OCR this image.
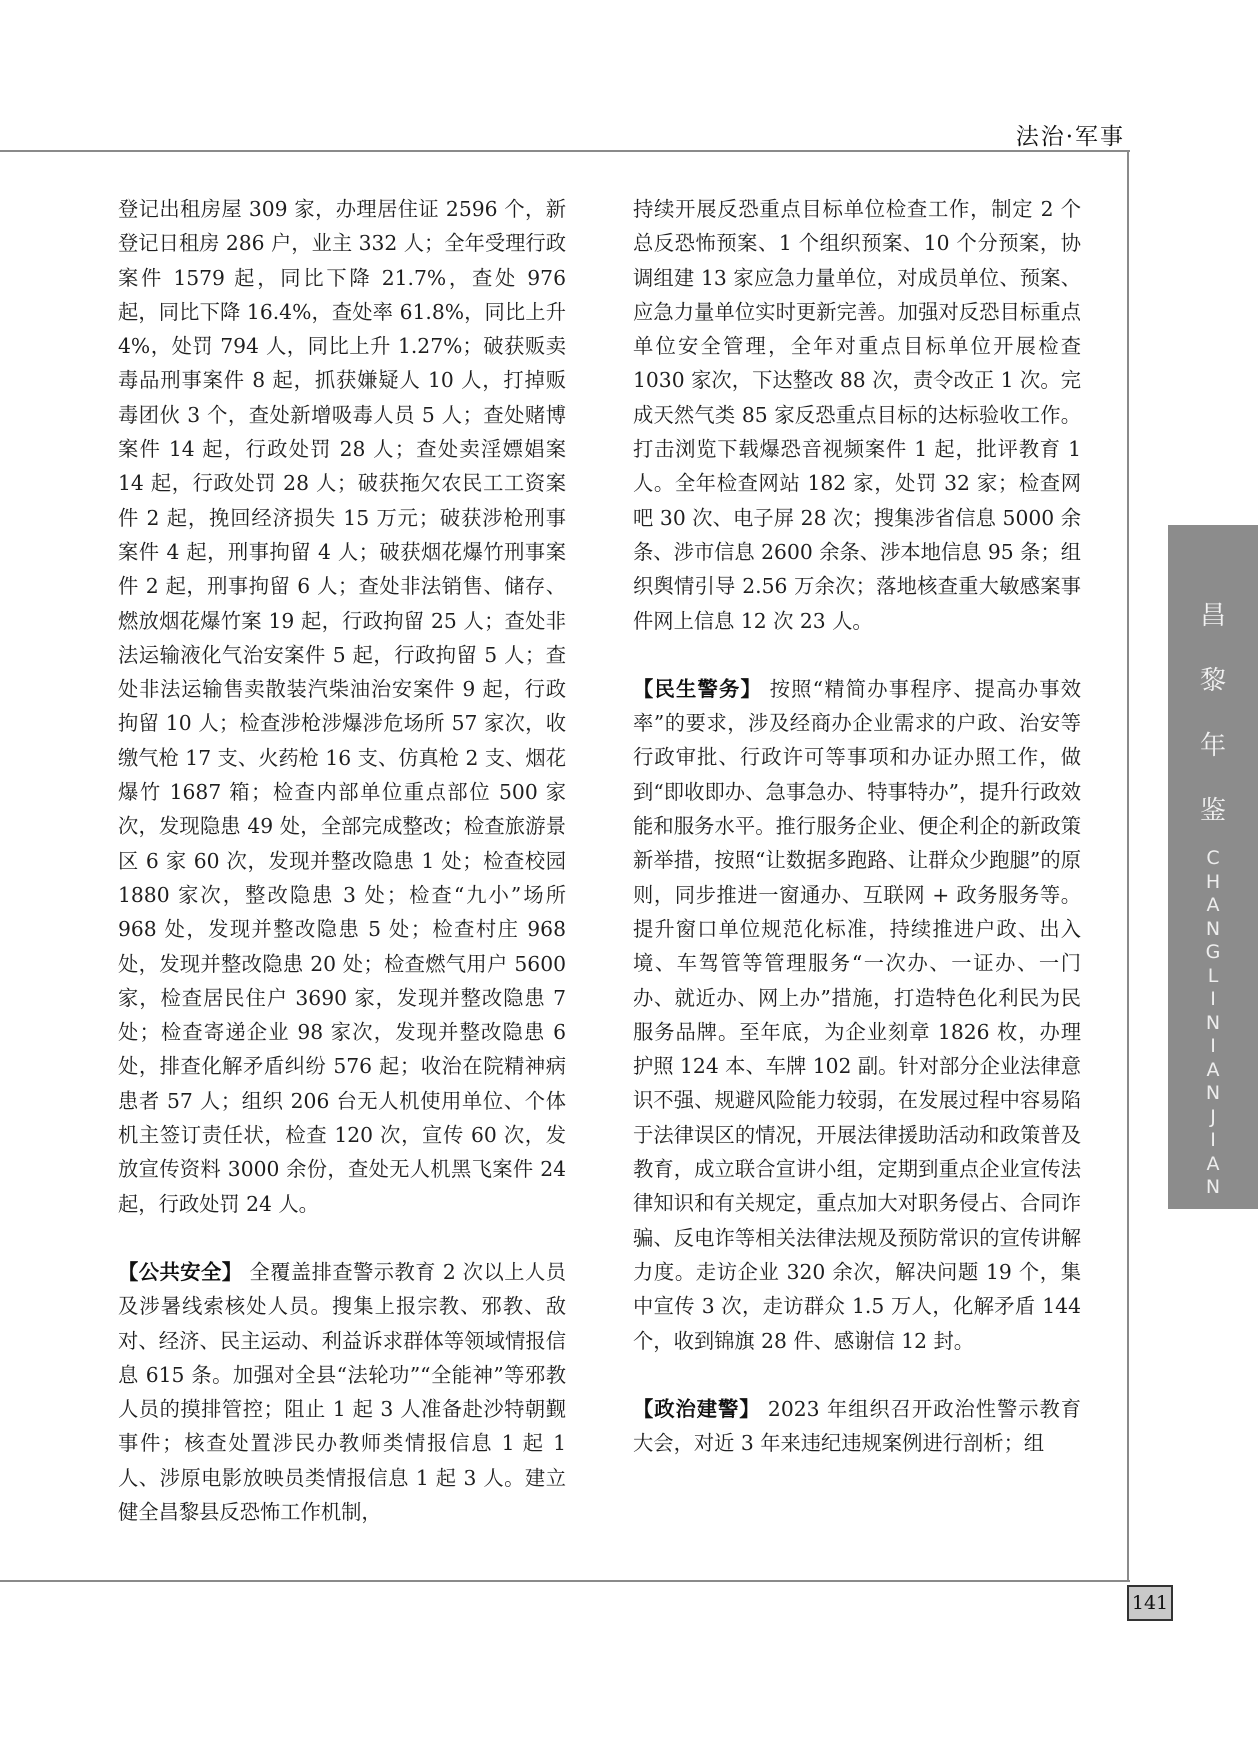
法治·军事

登记出租房屋 309 家，办理居住证 2596 个，新登记日租房 286 户，业主 332 人；全年受理行政案件 1579 起，同比下降 21.7%，查处 976 起，同比下降 16.4%，查处率 61.8%，同比上升 4%，处罚 794 人，同比上升 1.27%；破获贩卖毒品刑事案件 8 起，抓获嫌疑人 10 人，打掉贩毒团伙 3 个，查处新增吸毒人员 5 人；查处赌博案件 14 起，行政处罚 28 人；查处卖淫嫖娼案 14 起，行政处罚 28 人；破获拖欠农民工工资案件 2 起，挽回经济损失 15 万元；破获涉枪刑事案件 4 起，刑事拘留 4 人；破获烟花爆竹刑事案件 2 起，刑事拘留 6 人；查处非法销售、储存、燃放烟花爆竹案 19 起，行政拘留 25 人；查处非法运输液化气治安案件 5 起，行政拘留 5 人；查处非法运输售卖散装汽柴油治安案件 9 起，行政拘留 10 人；检查涉枪涉爆涉危场所 57 家次，收缴气枪 17 支、火药枪 16 支、仿真枪 2 支、烟花爆竹 1687 箱；检查内部单位重点部位 500 家次，发现隐患 49 处，全部完成整改；检查旅游景区 6 家 60 次，发现并整改隐患 1 处；检查校园 1880 家次，整改隐患 3 处；检查“九小”场所 968 处，发现并整改隐患 5 处；检查村庄 968 处，发现并整改隐患 20 处；检查燃气用户 5600 家，检查居民住户 3690 家，发现并整改隐患 7 处；检查寄递企业 98 家次，发现并整改隐患 6 处，排查化解矛盾纠纷 576 起；收治在院精神病患者 57 人；组织 206 台无人机使用单位、个体机主签订责任状，检查 120 次，宣传 60 次，发放宣传资料 3000 余份，查处无人机黑飞案件 24 起，行政处罚 24 人。

【公共安全】 全覆盖排查警示教育 2 次以上人员及涉暑线索核处人员。搜集上报宗教、邪教、敌对、经济、民主运动、利益诉求群体等领域情报信息 615 条。加强对全县“法轮功”“全能神”等邪教人员的摸排管控；阻止 1 起 3 人准备赴沙特朝觐事件；核查处置涉民办教师类情报信息 1 起 1 人、涉原电影放映员类情报信息 1 起 3 人。建立健全昌黎县反恐怖工作机制，

持续开展反恐重点目标单位检查工作，制定 2 个总反恐怖预案、1 个组织预案、10 个分预案，协调组建 13 家应急力量单位，对成员单位、预案、应急力量单位实时更新完善。加强对反恐目标重点单位安全管理，全年对重点目标单位开展检查 1030 家次，下达整改 88 次，责令改正 1 次。完成天然气类 85 家反恐重点目标的达标验收工作。打击浏览下载爆恐音视频案件 1 起，批评教育 1 人。全年检查网站 182 家，处罚 32 家；检查网吧 30 次、电子屏 28 次；搜集涉省信息 5000 余条、涉市信息 2600 余条、涉本地信息 95 条；组织舆情引导 2.56 万余次；落地核查重大敏感案事件网上信息 12 次 23 人。

【民生警务】 按照“精简办事程序、提高办事效率”的要求，涉及经商办企业需求的户政、治安等行政审批、行政许可等事项和办证办照工作，做到“即收即办、急事急办、特事特办”，提升行政效能和服务水平。推行服务企业、便企利企的新政策新举措，按照“让数据多跑路、让群众少跑腿”的原则，同步推进一窗通办、互联网 + 政务服务等。提升窗口单位规范化标准，持续推进户政、出入境、车驾管等管理服务“一次办、一证办、一门办、就近办、网上办”措施，打造特色化利民为民服务品牌。至年底，为企业刻章 1826 枚，办理护照 124 本、车牌 102 副。针对部分企业法律意识不强、规避风险能力较弱，在发展过程中容易陷于法律误区的情况，开展法律援助活动和政策普及教育，成立联合宣讲小组，定期到重点企业宣传法律知识和有关规定，重点加大对职务侵占、合同诈骗、反电诈等相关法律法规及预防常识的宣传讲解力度。走访企业 320 余次，解决问题 19 个，集中宣传 3 次，走访群众 1.5 万人，化解矛盾 144 个，收到锦旗 28 件、感谢信 12 封。

【政治建警】 2023 年组织召开政治性警示教育大会，对近 3 年来违纪违规案例进行剖析；组

昌
黎
年
鉴
C
H
A
N
G
L
I
N
I
A
N
J
I
A
N
141
